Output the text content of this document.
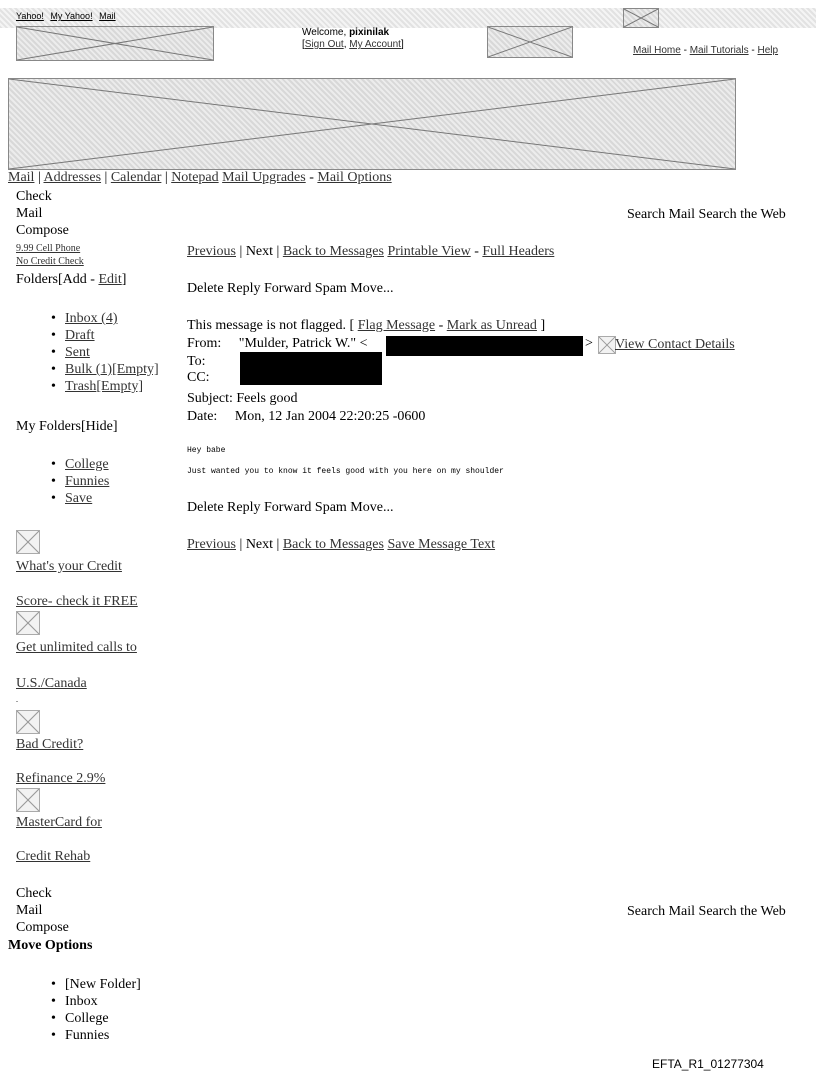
Yahoo! My Yahoo! Mail
Welcome, pixinilak
[Sign Out, My Account]
Mail Home - Mail Tutorials - Help
Mail | Addresses | Calendar | Notepad Mail Upgrades - Mail Options
Check
Mail
Compose
Search Mail Search the Web
9.99 Cell Phone
No Credit Check
Folders[Add - Edit]
• Inbox (4)
• Draft
• Sent
• Bulk (1)[Empty]
• Trash[Empty]
My Folders[Hide]
• College
• Funnies
• Save
What's your Credit
Score- check it FREE
Get unlimited calls to
U.S./Canada
.
Bad Credit?
Refinance 2.9%
MasterCard for
Credit Rehab
Previous | Next | Back to Messages Printable View - Full Headers
Delete Reply Forward Spam Move...
This message is not flagged. [ Flag Message - Mark as Unread ]
From: "Mulder, Patrick W." <	> View Contact Details
To:
CC:
Subject: Feels good
Date: Mon, 12 Jan 2004 22:20:25 -0600
Hey babe
Just wanted you to know it feels good with you here on my shoulder
Delete Reply Forward Spam Move...
Previous | Next | Back to Messages Save Message Text
Check
Mail
Compose
Search Mail Search the Web
Move Options
• [New Folder]
• Inbox
• College
• Funnies
EFTA_R1_01277304
